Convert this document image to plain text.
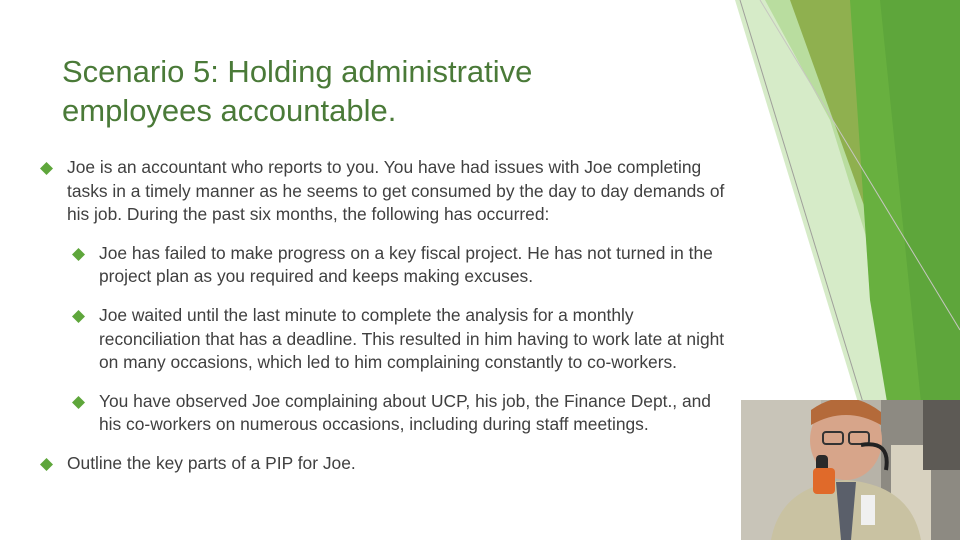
Scenario 5: Holding administrative employees accountable.
Joe is an accountant who reports to you. You have had issues with Joe completing tasks in a timely manner as he seems to get consumed by the day to day demands of his job. During the past six months, the following has occurred:
Joe has failed to make progress on a key fiscal project. He has not turned in the project plan as you required and keeps making excuses.
Joe waited until the last minute to complete the analysis for a monthly reconciliation that has a deadline. This resulted in him having to work late at night on many occasions, which led to him complaining constantly to co-workers.
You have observed Joe complaining about UCP, his job, the Finance Dept., and his co-workers on numerous occasions, including during staff meetings.
Outline the key parts of a PIP for Joe.
